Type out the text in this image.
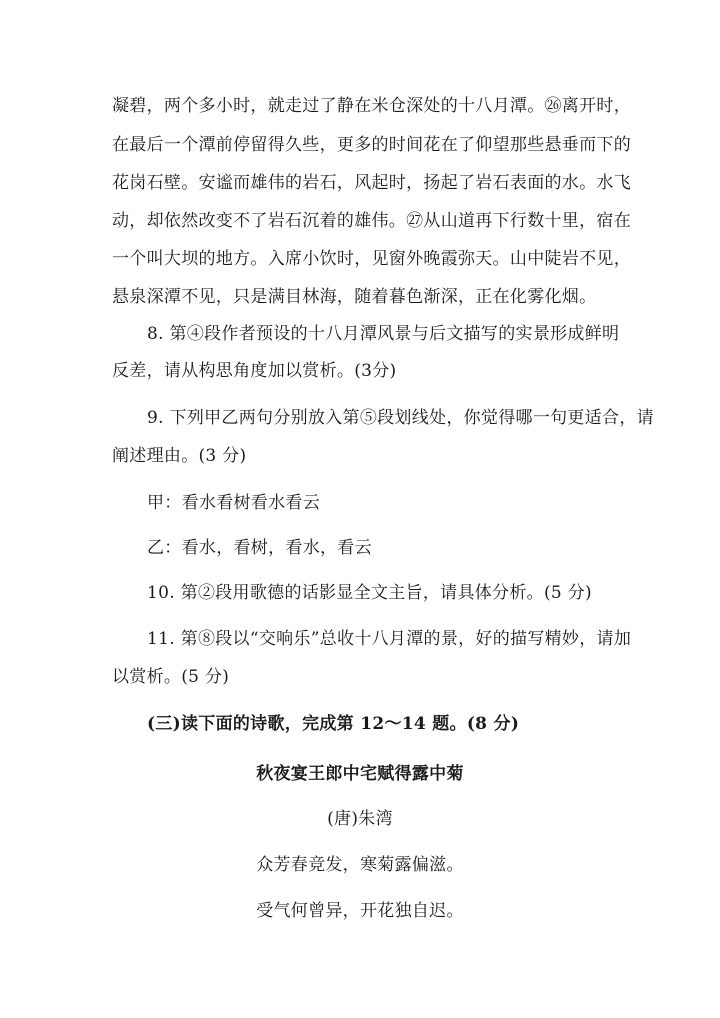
凝碧，两个多小时，就走过了静在米仓深处的十八月潭。㉖离开时，
在最后一个潭前停留得久些，更多的时间花在了仰望那些悬垂而下的
花岗石壁。安谧而雄伟的岩石，风起时，扬起了岩石表面的水。水飞
动，却依然改变不了岩石沉着的雄伟。㉗从山道再下行数十里，宿在
一个叫大坝的地方。入席小饮时，见窗外晚霞弥天。山中陡岩不见，
悬泉深潭不见，只是满目林海，随着暮色渐深，正在化雾化烟。
8. 第④段作者预设的十八月潭风景与后文描写的实景形成鲜明
反差，请从构思角度加以赏析。(3分)
9. 下列甲乙两句分别放入第⑤段划线处，你觉得哪一句更适合，请
阐述理由。(3 分)
甲：看水看树看水看云
乙：看水，看树，看水，看云
10. 第②段用歌德的话影显全文主旨，请具体分析。(5 分)
11. 第⑧段以“交响乐”总收十八月潭的景，好的描写精妙，请加
以赏析。(5 分)
(三)读下面的诗歌，完成第 12～14 题。(8 分)
秋夜宴王郎中宅赋得露中菊
(唐)朱湾
众芳春竞发，寒菊露偏滋。
受气何曾异，开花独自迟。
